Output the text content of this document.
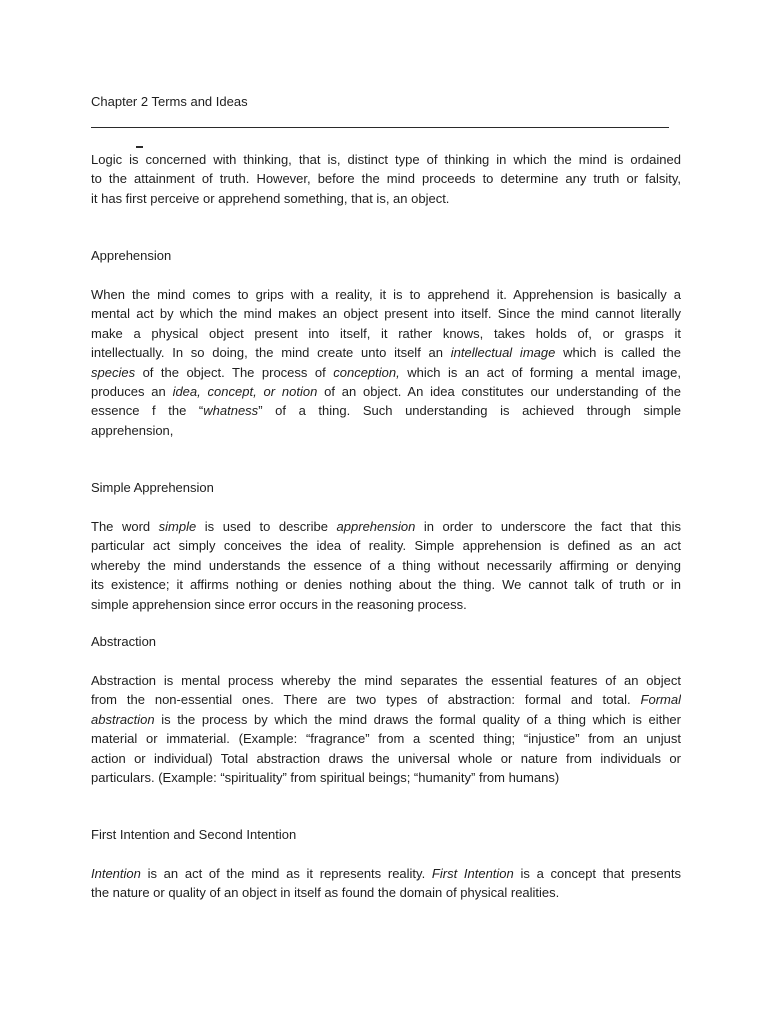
Chapter 2 Terms and Ideas

Logic is concerned with thinking, that is, distinct type of thinking in which the mind is ordained
to the attainment of truth. However, before the mind proceeds to determine any truth or falsity,
it has first perceive or apprehend something, that is, an object.

Apprehension

When the mind comes to grips with a reality, it is to apprehend it. Apprehension is basically a
mental act by which the mind makes an object present into itself. Since the mind cannot literally
make a physical object present into itself, it rather knows, takes holds of, or grasps it
intellectually. In so doing, the mind create unto itself an intellectual image which is called the
species of the object. The process of conception, which is an act of forming a mental image,
produces an idea, concept, or notion of an object. An idea constitutes our understanding of the
essence f the “whatness” of a thing. Such understanding is achieved through simple
apprehension,

Simple Apprehension

The word simple is used to describe apprehension in order to underscore the fact that this
particular act simply conceives the idea of reality. Simple apprehension is defined as an act
whereby the mind understands the essence of a thing without necessarily affirming or denying
its existence; it affirms nothing or denies nothing about the thing. We cannot talk of truth or in
simple apprehension since error occurs in the reasoning process.

Abstraction

Abstraction is mental process whereby the mind separates the essential features of an object
from the non-essential ones. There are two types of abstraction: formal and total. Formal
abstraction is the process by which the mind draws the formal quality of a thing which is either
material or immaterial. (Example: “fragrance” from a scented thing; “injustice” from an unjust
action or individual) Total abstraction draws the universal whole or nature from individuals or
particulars. (Example: “spirituality” from spiritual beings; “humanity” from humans)

First Intention and Second Intention

Intention is an act of the mind as it represents reality. First Intention is a concept that presents
the nature or quality of an object in itself as found the domain of physical realities.
